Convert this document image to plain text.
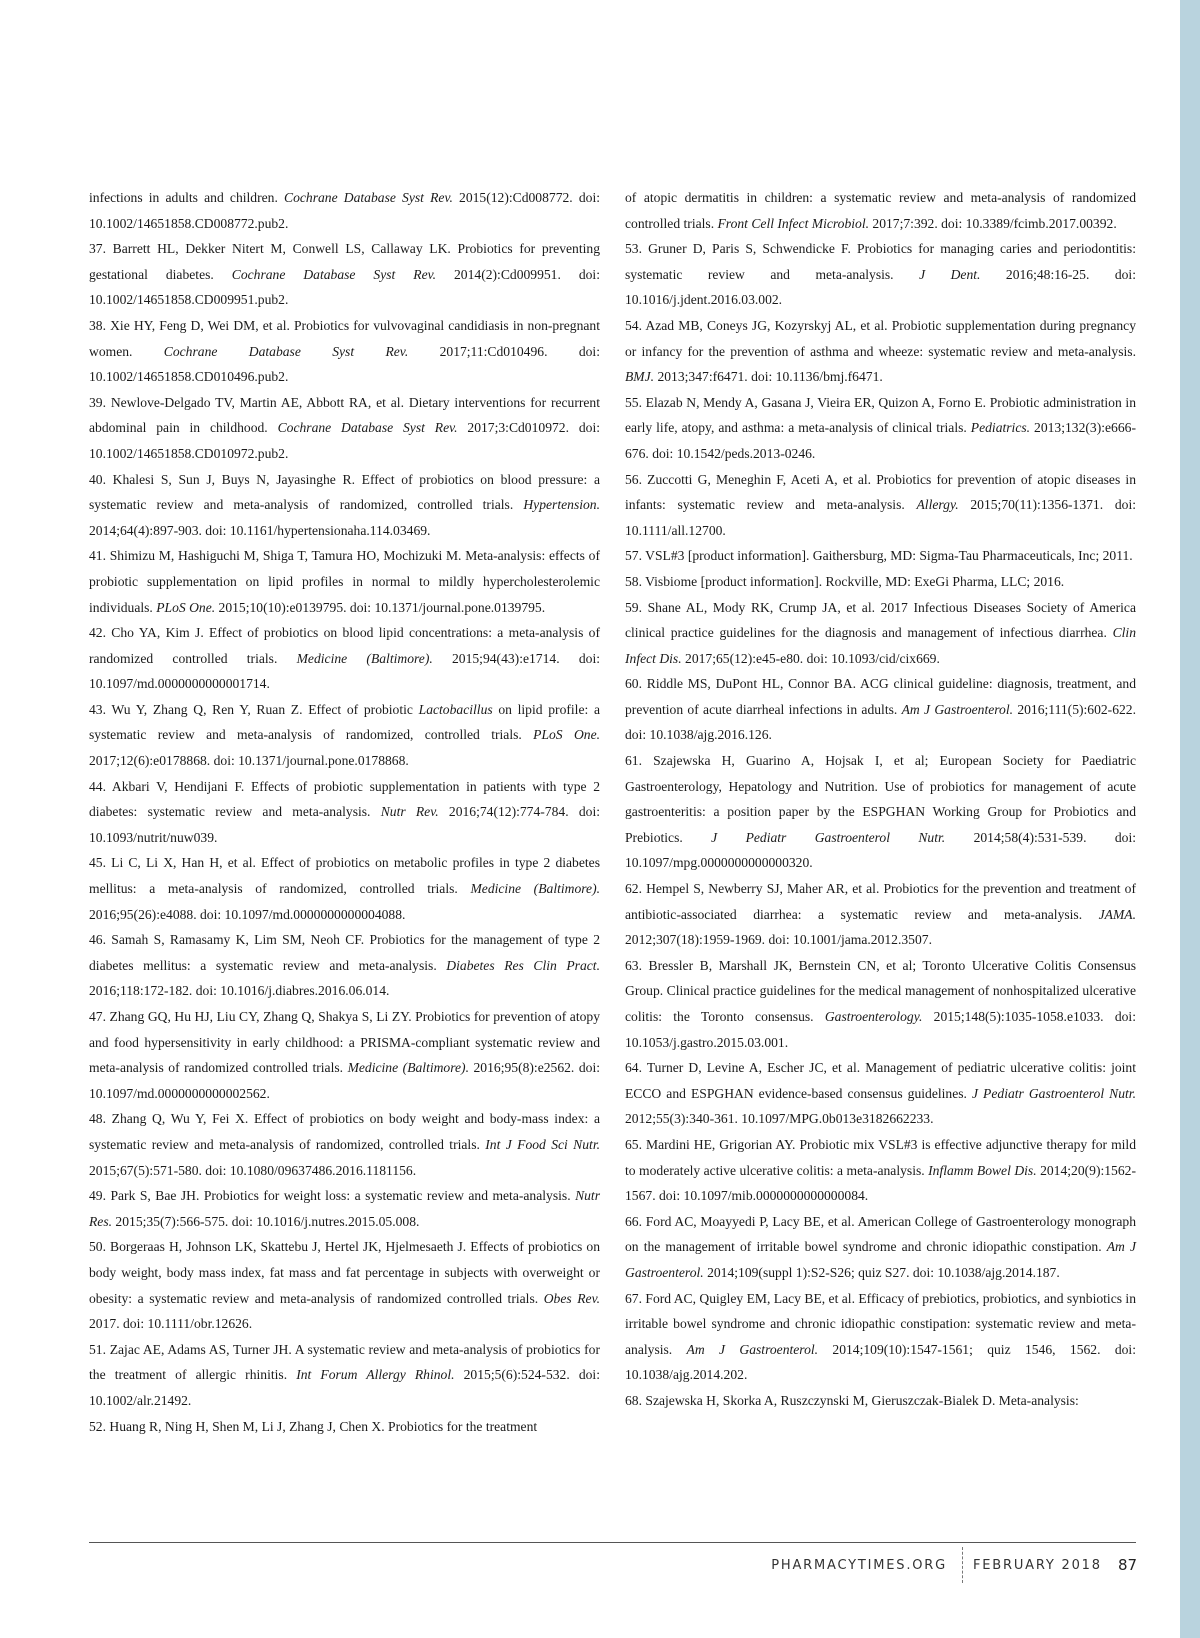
infections in adults and children. Cochrane Database Syst Rev. 2015(12):Cd008772. doi: 10.1002/14651858.CD008772.pub2.

37. Barrett HL, Dekker Nitert M, Conwell LS, Callaway LK. Probiotics for preventing gestational diabetes. Cochrane Database Syst Rev. 2014(2):Cd009951. doi: 10.1002/14651858.CD009951.pub2.

38. Xie HY, Feng D, Wei DM, et al. Probiotics for vulvovaginal candidiasis in non-pregnant women. Cochrane Database Syst Rev. 2017;11:Cd010496. doi: 10.1002/14651858.CD010496.pub2.

39. Newlove-Delgado TV, Martin AE, Abbott RA, et al. Dietary interventions for recurrent abdominal pain in childhood. Cochrane Database Syst Rev. 2017;3:Cd010972. doi: 10.1002/14651858.CD010972.pub2.

40. Khalesi S, Sun J, Buys N, Jayasinghe R. Effect of probiotics on blood pressure: a systematic review and meta-analysis of randomized, controlled trials. Hypertension. 2014;64(4):897-903. doi: 10.1161/hypertensionaha.114.03469.

41. Shimizu M, Hashiguchi M, Shiga T, Tamura HO, Mochizuki M. Meta-analysis: effects of probiotic supplementation on lipid profiles in normal to mildly hypercholesterolemic individuals. PLoS One. 2015;10(10):e0139795. doi: 10.1371/journal.pone.0139795.

42. Cho YA, Kim J. Effect of probiotics on blood lipid concentrations: a meta-analysis of randomized controlled trials. Medicine (Baltimore). 2015;94(43):e1714. doi: 10.1097/md.0000000000001714.

43. Wu Y, Zhang Q, Ren Y, Ruan Z. Effect of probiotic Lactobacillus on lipid profile: a systematic review and meta-analysis of randomized, controlled trials. PLoS One. 2017;12(6):e0178868. doi: 10.1371/journal.pone.0178868.

44. Akbari V, Hendijani F. Effects of probiotic supplementation in patients with type 2 diabetes: systematic review and meta-analysis. Nutr Rev. 2016;74(12):774-784. doi: 10.1093/nutrit/nuw039.

45. Li C, Li X, Han H, et al. Effect of probiotics on metabolic profiles in type 2 diabetes mellitus: a meta-analysis of randomized, controlled trials. Medicine (Baltimore). 2016;95(26):e4088. doi: 10.1097/md.0000000000004088.

46. Samah S, Ramasamy K, Lim SM, Neoh CF. Probiotics for the management of type 2 diabetes mellitus: a systematic review and meta-analysis. Diabetes Res Clin Pract. 2016;118:172-182. doi: 10.1016/j.diabres.2016.06.014.

47. Zhang GQ, Hu HJ, Liu CY, Zhang Q, Shakya S, Li ZY. Probiotics for prevention of atopy and food hypersensitivity in early childhood: a PRISMA-compliant systematic review and meta-analysis of randomized controlled trials. Medicine (Baltimore). 2016;95(8):e2562. doi: 10.1097/md.0000000000002562.

48. Zhang Q, Wu Y, Fei X. Effect of probiotics on body weight and body-mass index: a systematic review and meta-analysis of randomized, controlled trials. Int J Food Sci Nutr. 2015;67(5):571-580. doi: 10.1080/09637486.2016.1181156.

49. Park S, Bae JH. Probiotics for weight loss: a systematic review and meta-analysis. Nutr Res. 2015;35(7):566-575. doi: 10.1016/j.nutres.2015.05.008.

50. Borgeraas H, Johnson LK, Skattebu J, Hertel JK, Hjelmesaeth J. Effects of probiotics on body weight, body mass index, fat mass and fat percentage in subjects with overweight or obesity: a systematic review and meta-analysis of randomized controlled trials. Obes Rev. 2017. doi: 10.1111/obr.12626.

51. Zajac AE, Adams AS, Turner JH. A systematic review and meta-analysis of probiotics for the treatment of allergic rhinitis. Int Forum Allergy Rhinol. 2015;5(6):524-532. doi: 10.1002/alr.21492.

52. Huang R, Ning H, Shen M, Li J, Zhang J, Chen X. Probiotics for the treatment

of atopic dermatitis in children: a systematic review and meta-analysis of randomized controlled trials. Front Cell Infect Microbiol. 2017;7:392. doi: 10.3389/fcimb.2017.00392.

53. Gruner D, Paris S, Schwendicke F. Probiotics for managing caries and periodontitis: systematic review and meta-analysis. J Dent. 2016;48:16-25. doi: 10.1016/j.jdent.2016.03.002.

54. Azad MB, Coneys JG, Kozyrskyj AL, et al. Probiotic supplementation during pregnancy or infancy for the prevention of asthma and wheeze: systematic review and meta-analysis. BMJ. 2013;347:f6471. doi: 10.1136/bmj.f6471.

55. Elazab N, Mendy A, Gasana J, Vieira ER, Quizon A, Forno E. Probiotic administration in early life, atopy, and asthma: a meta-analysis of clinical trials. Pediatrics. 2013;132(3):e666-676. doi: 10.1542/peds.2013-0246.

56. Zuccotti G, Meneghin F, Aceti A, et al. Probiotics for prevention of atopic diseases in infants: systematic review and meta-analysis. Allergy. 2015;70(11):1356-1371. doi: 10.1111/all.12700.

57. VSL#3 [product information]. Gaithersburg, MD: Sigma-Tau Pharmaceuticals, Inc; 2011.

58. Visbiome [product information]. Rockville, MD: ExeGi Pharma, LLC; 2016.

59. Shane AL, Mody RK, Crump JA, et al. 2017 Infectious Diseases Society of America clinical practice guidelines for the diagnosis and management of infectious diarrhea. Clin Infect Dis. 2017;65(12):e45-e80. doi: 10.1093/cid/cix669.

60. Riddle MS, DuPont HL, Connor BA. ACG clinical guideline: diagnosis, treatment, and prevention of acute diarrheal infections in adults. Am J Gastroenterol. 2016;111(5):602-622. doi: 10.1038/ajg.2016.126.

61. Szajewska H, Guarino A, Hojsak I, et al; European Society for Paediatric Gastroenterology, Hepatology and Nutrition. Use of probiotics for management of acute gastroenteritis: a position paper by the ESPGHAN Working Group for Probiotics and Prebiotics. J Pediatr Gastroenterol Nutr. 2014;58(4):531-539. doi: 10.1097/mpg.0000000000000320.

62. Hempel S, Newberry SJ, Maher AR, et al. Probiotics for the prevention and treatment of antibiotic-associated diarrhea: a systematic review and meta-analysis. JAMA. 2012;307(18):1959-1969. doi: 10.1001/jama.2012.3507.

63. Bressler B, Marshall JK, Bernstein CN, et al; Toronto Ulcerative Colitis Consensus Group. Clinical practice guidelines for the medical management of nonhospitalized ulcerative colitis: the Toronto consensus. Gastroenterology. 2015;148(5):1035-1058.e1033. doi: 10.1053/j.gastro.2015.03.001.

64. Turner D, Levine A, Escher JC, et al. Management of pediatric ulcerative colitis: joint ECCO and ESPGHAN evidence-based consensus guidelines. J Pediatr Gastroenterol Nutr. 2012;55(3):340-361. 10.1097/MPG.0b013e3182662233.

65. Mardini HE, Grigorian AY. Probiotic mix VSL#3 is effective adjunctive therapy for mild to moderately active ulcerative colitis: a meta-analysis. Inflamm Bowel Dis. 2014;20(9):1562-1567. doi: 10.1097/mib.0000000000000084.

66. Ford AC, Moayyedi P, Lacy BE, et al. American College of Gastroenterology monograph on the management of irritable bowel syndrome and chronic idiopathic constipation. Am J Gastroenterol. 2014;109(suppl 1):S2-S26; quiz S27. doi: 10.1038/ajg.2014.187.

67. Ford AC, Quigley EM, Lacy BE, et al. Efficacy of prebiotics, probiotics, and synbiotics in irritable bowel syndrome and chronic idiopathic constipation: systematic review and meta-analysis. Am J Gastroenterol. 2014;109(10):1547-1561; quiz 1546, 1562. doi: 10.1038/ajg.2014.202.

68. Szajewska H, Skorka A, Ruszczynski M, Gieruszczak-Bialek D. Meta-analysis:

PHARMACYTIMES.ORG FEBRUARY 2018 87
